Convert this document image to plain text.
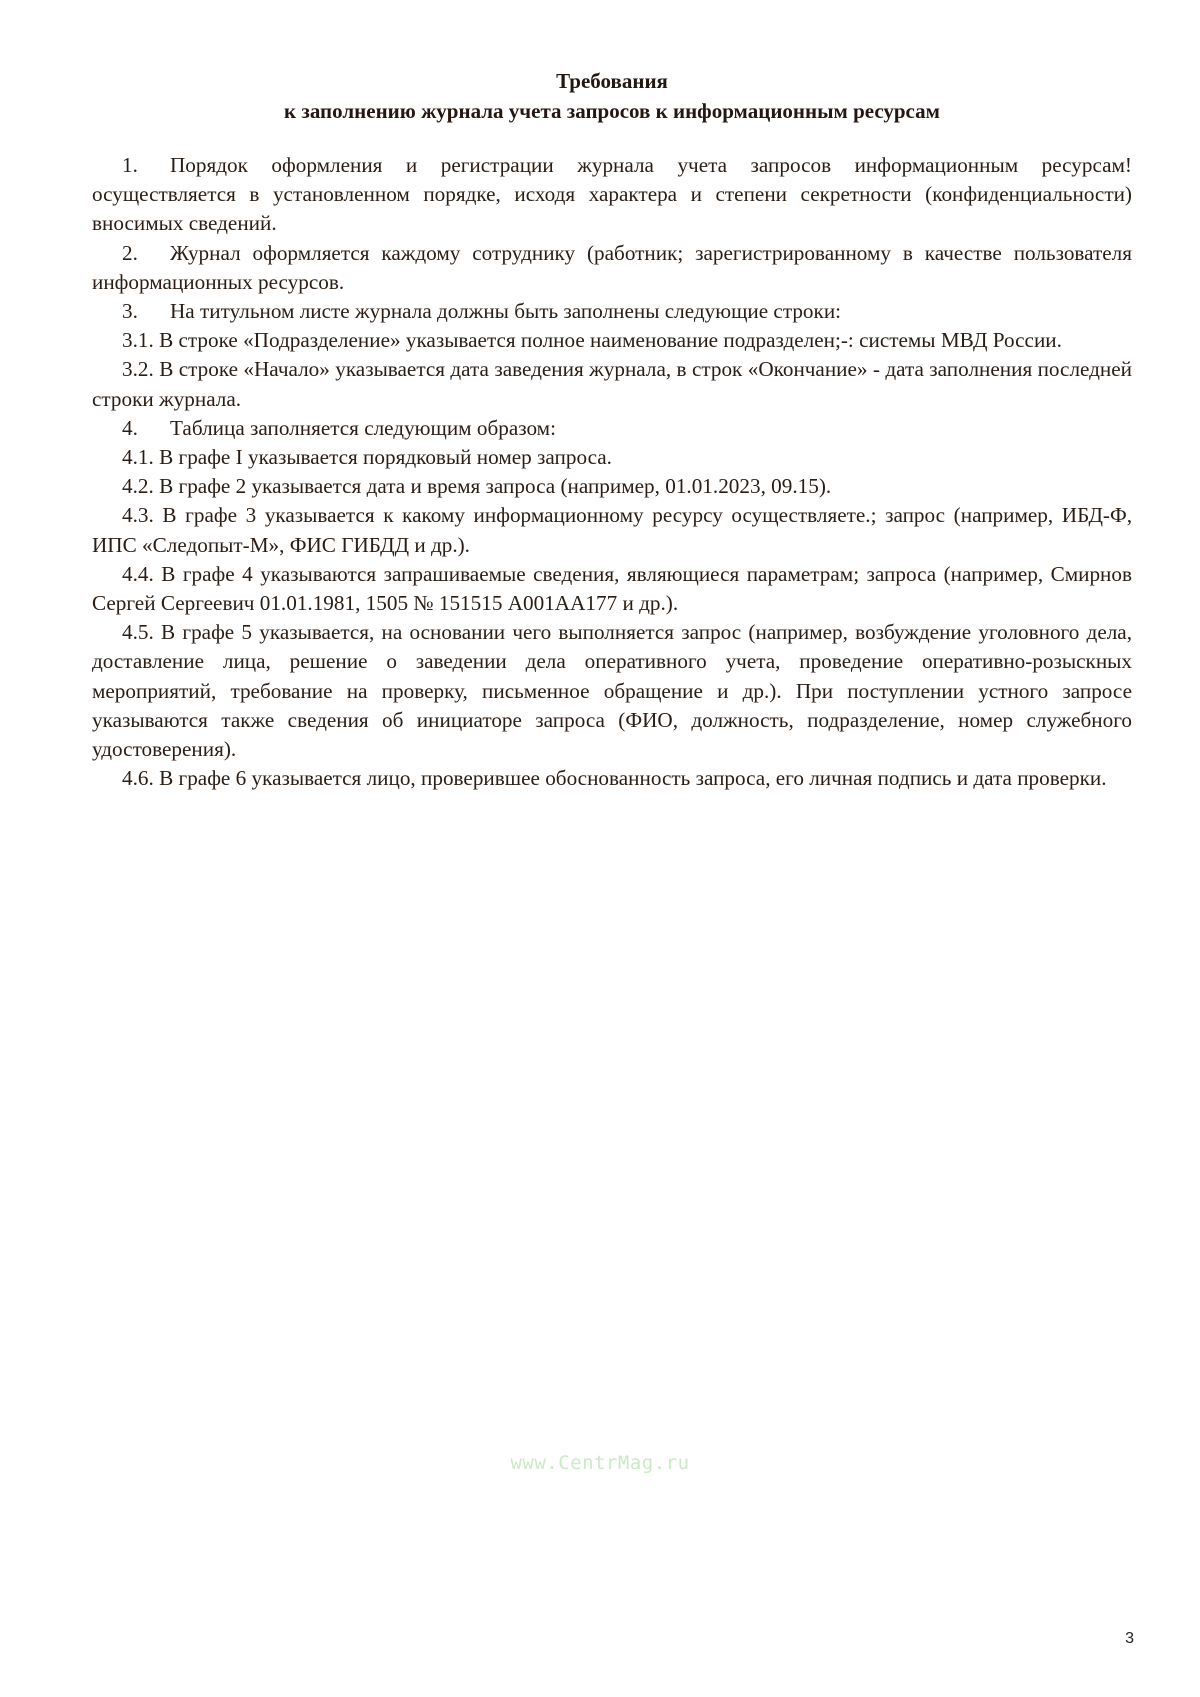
Требования
к заполнению журнала учета запросов к информационным ресурсам

1. Порядок оформления и регистрации журнала учета запросов информационным ресурсам! осуществляется в установленном порядке, исходя характера и степени секретности (конфиденциальности) вносимых сведений.

2. Журнал оформляется каждому сотруднику (работник; зарегистрированному в качестве пользователя информационных ресурсов.

3. На титульном листе журнала должны быть заполнены следующие строки:

3.1. В строке «Подразделение» указывается полное наименование подразделен;-: системы МВД России.

3.2. В строке «Начало» указывается дата заведения журнала, в строк «Окончание» - дата заполнения последней строки журнала.

4. Таблица заполняется следующим образом:

4.1. В графе I указывается порядковый номер запроса.

4.2. В графе 2 указывается дата и время запроса (например, 01.01.2023, 09.15).

4.3. В графе 3 указывается к какому информационному ресурсу осуществляете.; запрос (например, ИБД-Ф, ИПС «Следопыт-М», ФИС ГИБДД и др.).

4.4. В графе 4 указываются запрашиваемые сведения, являющиеся параметрам; запроса (например, Смирнов Сергей Сергеевич 01.01.1981, 1505 № 151515 А001АА177 и др.).

4.5. В графе 5 указывается, на основании чего выполняется запрос (например, возбуждение уголовного дела, доставление лица, решение о заведении дела оперативного учета, проведение оперативно-розыскных мероприятий, требование на проверку, письменное обращение и др.). При поступлении устного запросе указываются также сведения об инициаторе запроса (ФИО, должность, подразделение, номер служебного удостоверения).

4.6. В графе 6 указывается лицо, проверившее обоснованность запроса, его личная подпись и дата проверки.

www.CentrMag.ru
3
